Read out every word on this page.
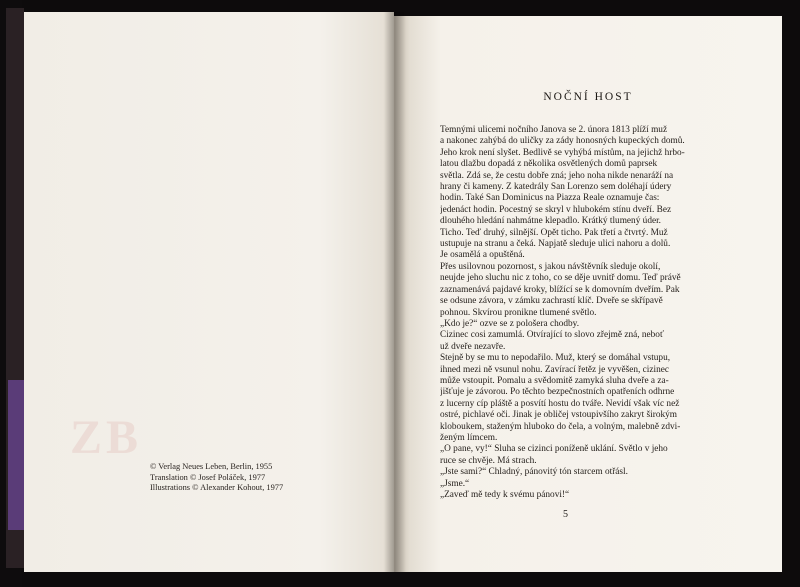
ZB
© Verlag Neues Leben, Berlin, 1955
Translation © Josef Poláček, 1977
Illustrations © Alexander Kohout, 1977
NOČNÍ HOST
Temnými ulicemi nočního Janova se 2. února 1813 plíží muž
a nakonec zahýbá do uličky za zády honosných kupeckých domů.
Jeho krok není slyšet. Bedlivě se vyhýbá místům, na jejichž hrbo-
latou dlažbu dopadá z několika osvětlených domů paprsek
světla. Zdá se, že cestu dobře zná; jeho noha nikde nenaráží na
hrany či kameny. Z katedrály San Lorenzo sem doléhají údery
hodin. Také San Dominicus na Piazza Reale oznamuje čas:
jedenáct hodin. Pocestný se skryl v hlubokém stínu dveří. Bez
dlouhého hledání nahmátne klepadlo. Krátký tlumený úder.
Ticho. Teď druhý, silnější. Opět ticho. Pak třetí a čtvrtý. Muž
ustupuje na stranu a čeká. Napjatě sleduje ulici nahoru a dolů.
Je osamělá a opuštěná.
Přes usilovnou pozornost, s jakou návštěvník sleduje okolí,
neujde jeho sluchu nic z toho, co se děje uvnitř domu. Teď právě
zaznamenává pajdavé kroky, blížící se k domovním dveřím. Pak
se odsune závora, v zámku zachrastí klíč. Dveře se skřípavě
pohnou. Škvírou pronikne tlumené světlo.
„Kdo je?“ ozve se z pološera chodby.
Cizinec cosi zamumlá. Otvírající to slovo zřejmě zná, neboť
už dveře nezavře.
Stejně by se mu to nepodařilo. Muž, který se domáhal vstupu,
ihned mezi ně vsunul nohu. Zavírací řetěz je vyvěšen, cizinec
může vstoupit. Pomalu a svědomitě zamyká sluha dveře a za-
jišťuje je závorou. Po těchto bezpečnostních opatřeních odhrne
z lucerny cíp pláště a posvítí hostu do tváře. Nevidí však víc než
ostré, pichlavé oči. Jinak je obličej vstoupivšího zakryt širokým
kloboukem, staženým hluboko do čela, a volným, malebně zdvi-
ženým límcem.
„Ó pane, vy!“ Sluha se cizinci poníženě uklání. Světlo v jeho
ruce se chvěje. Má strach.
„Jste sami?“ Chladný, pánovitý tón starcem otřásl.
„Jsme.“
„Zaveď mě tedy k svému pánovi!“
5
